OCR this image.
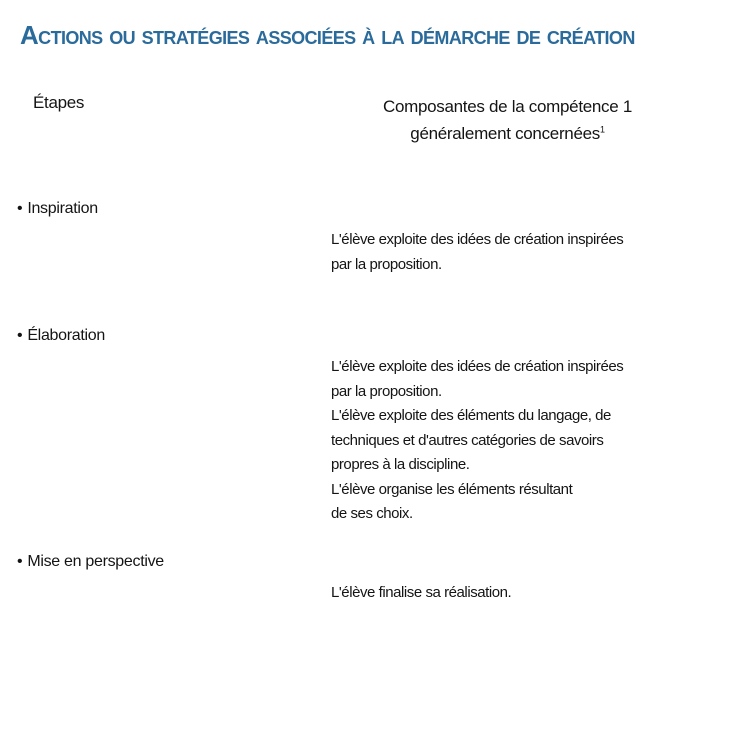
Actions ou stratégies associées à la démarche de création
Étapes	Composantes de la compétence 1
généralement concernées$^1$
• Inspiration
L'élève exploite des idées de création inspirées
par la proposition.
• Élaboration
L'élève exploite des idées de création inspirées
par la proposition.
L'élève exploite des éléments du langage, de
techniques et d'autres catégories de savoirs
propres à la discipline.
L'élève organise les éléments résultant
de ses choix.
• Mise en perspective
L'élève finalise sa réalisation.
